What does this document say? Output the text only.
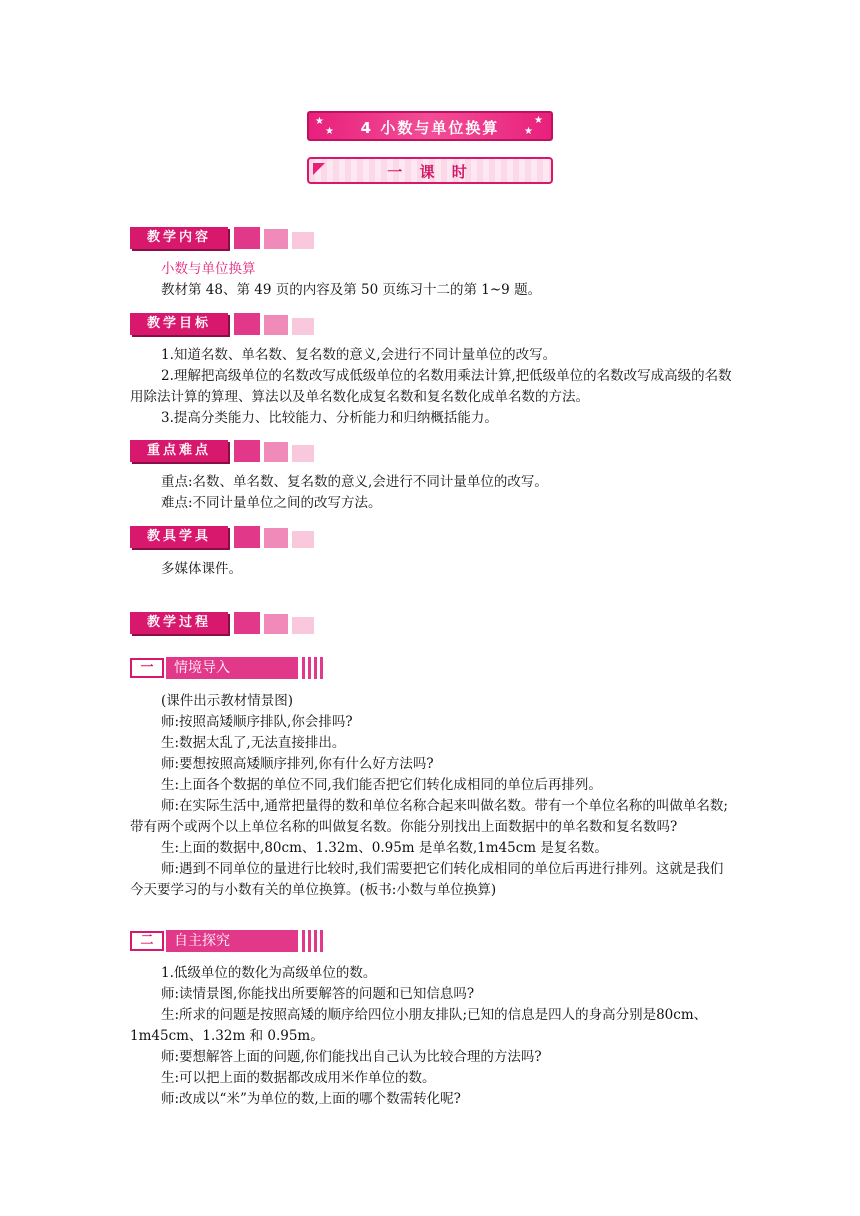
★
★
★
★
4 小数与单位换算
一 课 时
教学内容
小数与单位换算
教材第 48、第 49 页的内容及第 50 页练习十二的第 1~9 题。
教学目标
1.知道名数、单名数、复名数的意义,会进行不同计量单位的改写。
2.理解把高级单位的名数改写成低级单位的名数用乘法计算,把低级单位的名数改写成高级的名数用除法计算的算理、算法以及单名数化成复名数和复名数化成单名数的方法。
3.提高分类能力、比较能力、分析能力和归纳概括能力。
重点难点
重点:名数、单名数、复名数的意义,会进行不同计量单位的改写。
难点:不同计量单位之间的改写方法。
教具学具
多媒体课件。
教学过程
一	情境导入
(课件出示教材情景图)
师:按照高矮顺序排队,你会排吗?
生:数据太乱了,无法直接排出。
师:要想按照高矮顺序排列,你有什么好方法吗?
生:上面各个数据的单位不同,我们能否把它们转化成相同的单位后再排列。
师:在实际生活中,通常把量得的数和单位名称合起来叫做名数。带有一个单位名称的叫做单名数;带有两个或两个以上单位名称的叫做复名数。你能分别找出上面数据中的单名数和复名数吗?
生:上面的数据中,80cm、1.32m、0.95m 是单名数,1m45cm 是复名数。
师:遇到不同单位的量进行比较时,我们需要把它们转化成相同的单位后再进行排列。这就是我们今天要学习的与小数有关的单位换算。(板书:小数与单位换算)
二	自主探究
1.低级单位的数化为高级单位的数。
师:读情景图,你能找出所要解答的问题和已知信息吗?
生:所求的问题是按照高矮的顺序给四位小朋友排队;已知的信息是四人的身高分别是80cm、1m45cm、1.32m 和 0.95m。
师:要想解答上面的问题,你们能找出自己认为比较合理的方法吗?
生:可以把上面的数据都改成用米作单位的数。
师:改成以“米”为单位的数,上面的哪个数需转化呢?
